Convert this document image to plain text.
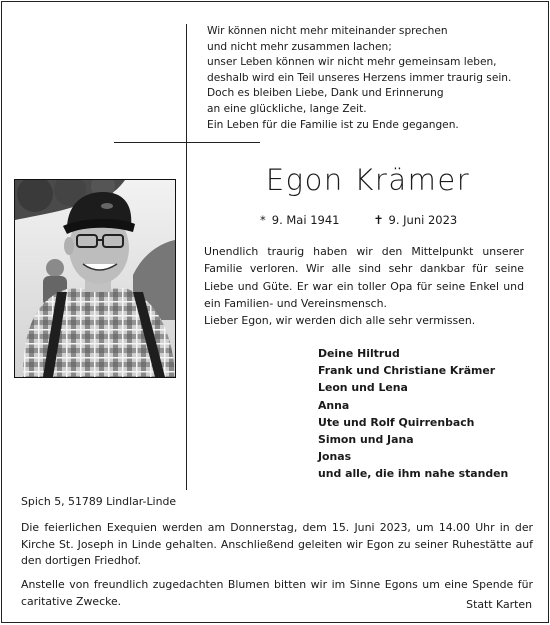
Wir können nicht mehr miteinander sprechen
und nicht mehr zusammen lachen;
unser Leben können wir nicht mehr gemeinsam leben,
deshalb wird ein Teil unseres Herzens immer traurig sein.
Doch es bleiben Liebe, Dank und Erinnerung
an eine glückliche, lange Zeit.
Ein Leben für die Familie ist zu Ende gegangen.
Egon Krämer
* 9. Mai 1941	✝ 9. Juni 2023

Unendlich traurig haben wir den Mittelpunkt unserer Familie verloren. Wir alle sind sehr dankbar für seine Liebe und Güte. Er war ein toller Opa für seine Enkel und ein Familien- und Vereinsmensch.

Lieber Egon, wir werden dich alle sehr vermissen.

Deine Hiltrud
Frank und Christiane Krämer
Leon und Lena
Anna
Ute und Rolf Quirrenbach
Simon und Jana
Jonas
und alle, die ihm nahe standen
Spich 5, 51789 Lindlar-Linde
Die feierlichen Exequien werden am Donnerstag, dem 15. Juni 2023, um 14.00 Uhr in der Kirche St. Joseph in Linde gehalten. Anschließend geleiten wir Egon zu seiner Ruhestätte auf den dortigen Friedhof.
Anstelle von freundlich zugedachten Blumen bitten wir im Sinne Egons um eine Spende für caritative Zwecke.	Statt Karten
